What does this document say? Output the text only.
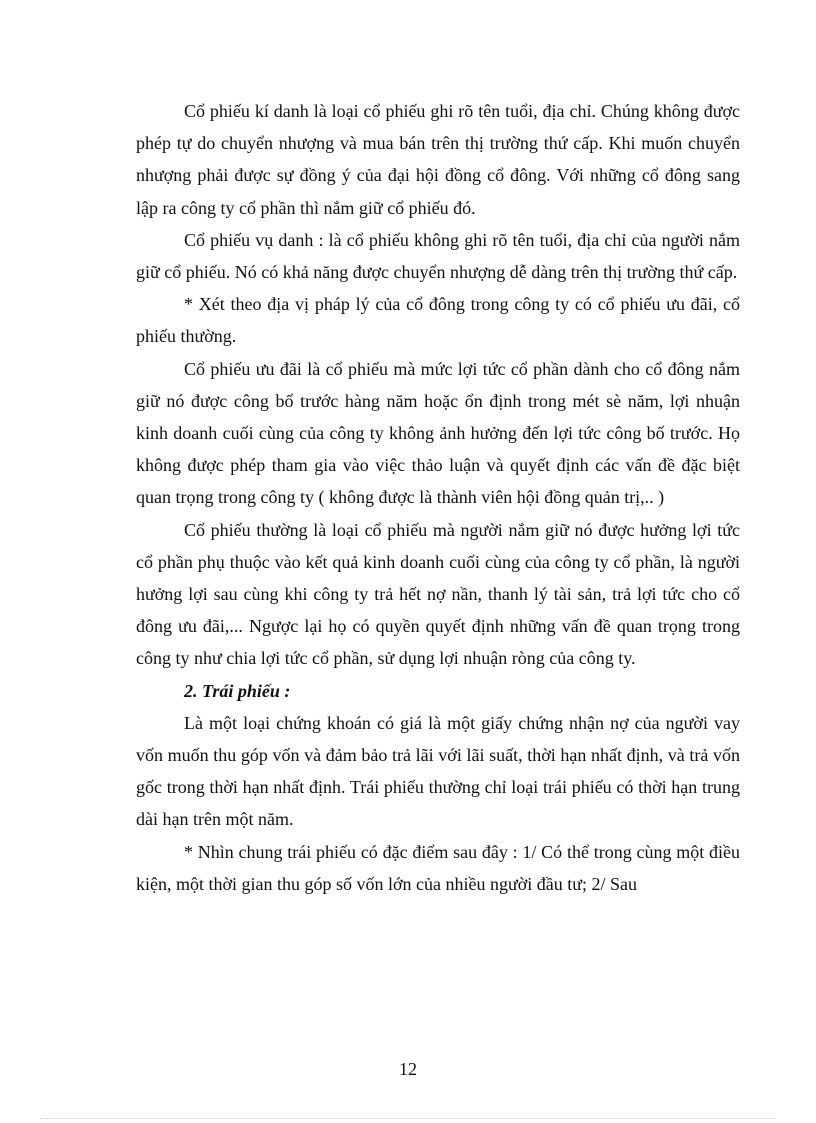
Cổ phiếu kí danh là loại cổ phiếu ghi rõ tên tuổi, địa chỉ. Chúng không được phép tự do chuyển nhượng và mua bán trên thị trường thứ cấp. Khi muốn chuyển nhượng phải được sự đồng ý của đại hội đồng cổ đông. Với những cổ đông sang lập ra công ty cổ phần thì nắm giữ cổ phiếu đó.

Cổ phiếu vụ danh : là cổ phiếu không ghi rõ tên tuổi, địa chỉ của người nắm giữ cổ phiếu. Nó có khả năng được chuyển nhượng dễ dàng trên thị trường thứ cấp.

* Xét theo địa vị pháp lý của cổ đông trong công ty có cổ phiếu ưu đãi, cổ phiếu thường.

Cổ phiếu ưu đãi là cổ phiếu mà mức lợi tức cổ phần dành cho cổ đông nắm giữ nó được công bố trước hàng năm hoặc ổn định trong mét sè năm, lợi nhuận kinh doanh cuối cùng của công ty không ảnh hưởng đến lợi tức công bố trước. Họ không được phép tham gia vào việc thảo luận và quyết định các vấn đề đặc biệt quan trọng trong công ty ( không được là thành viên hội đồng quản trị,.. )

Cổ phiếu thường là loại cổ phiếu mà người nắm giữ nó được hưởng lợi tức cổ phần phụ thuộc vào kết quả kinh doanh cuối cùng của công ty cổ phần, là người hưởng lợi sau cùng khi công ty trả hết nợ nần, thanh lý tài sản, trả lợi tức cho cổ đông ưu đãi,... Ngược lại họ có quyền quyết định những vấn đề quan trọng trong công ty như chia lợi tức cổ phần, sử dụng lợi nhuận ròng của công ty.

2. Trái phiếu :

Là một loại chứng khoán có giá là một giấy chứng nhận nợ của người vay vốn muốn thu góp vốn và đảm bảo trả lãi với lãi suất, thời hạn nhất định, và trả vốn gốc trong thời hạn nhất định. Trái phiếu thường chỉ loại trái phiếu có thời hạn trung dài hạn trên một năm.

* Nhìn chung trái phiếu có đặc điểm sau đây : 1/ Có thể trong cùng một điều kiện, một thời gian thu góp số vốn lớn của nhiều người đầu tư; 2/ Sau

12
